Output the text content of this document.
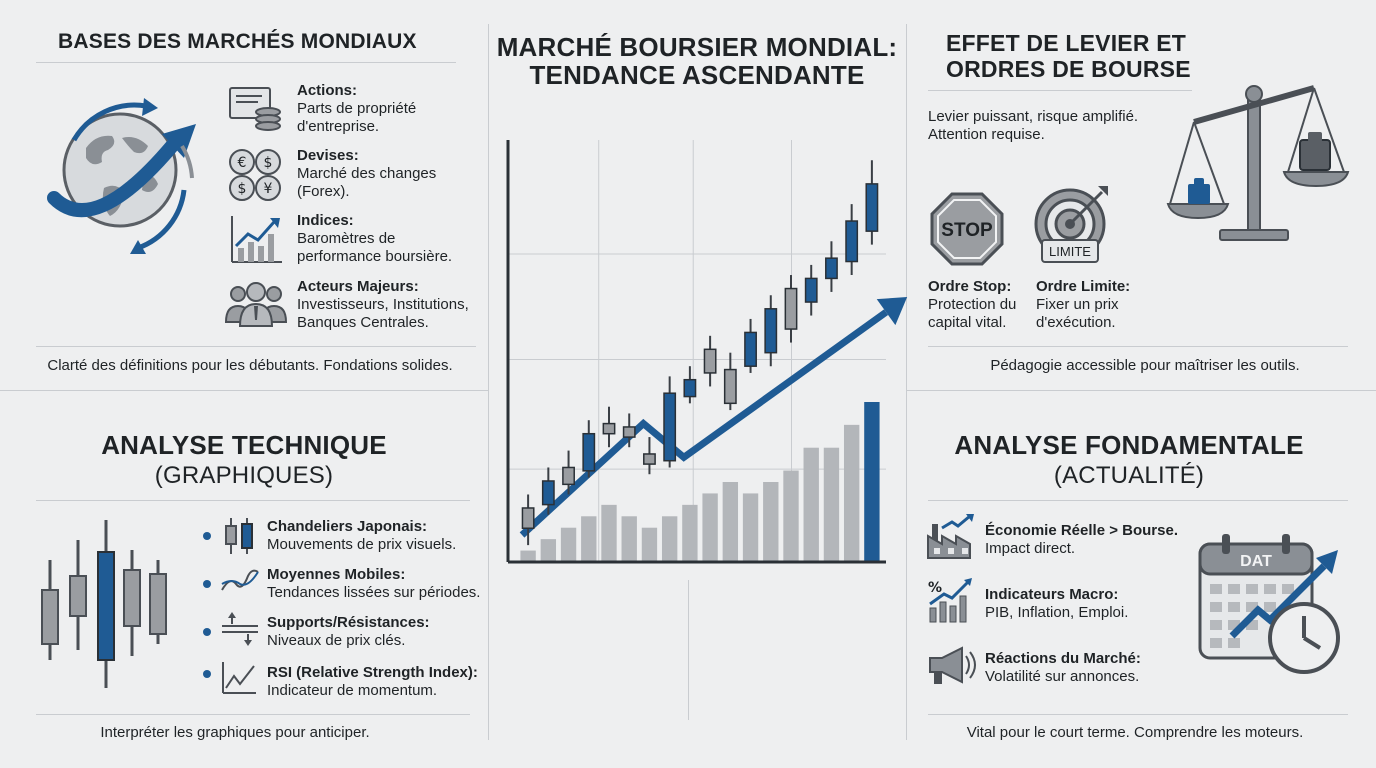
BASES DES MARCHÉS MONDIAUX
Actions:
Parts de propriété
d'entreprise.
€ $
$ ¥
Devises:
Marché des changes
(Forex).
Indices:
Baromètres de
performance boursière.
Acteurs Majeurs:
Investisseurs, Institutions,
Banques Centrales.
Clarté des définitions pour les débutants. Fondations solides.
ANALYSE TECHNIQUE
(GRAPHIQUES)
Chandeliers Japonais:
Mouvements de prix visuels.
Moyennes Mobiles:
Tendances lissées sur périodes.
Supports/Résistances:
Niveaux de prix clés.
RSI (Relative Strength Index):
Indicateur de momentum.
Interpréter les graphiques pour anticiper.
MARCHÉ BOURSIER MONDIAL:
TENDANCE ASCENDANTE
EFFET DE LEVIER ET
ORDRES DE BOURSE
Levier puissant, risque amplifié.
Attention requise.
STOP
LIMITE
Ordre Stop:
Protection du
capital vital.
Ordre Limite:
Fixer un prix
d'exécution.
Pédagogie accessible pour maîtriser les outils.
ANALYSE FONDAMENTALE
(ACTUALITÉ)
Économie Réelle > Bourse.
Impact direct.
%	Indicateurs Macro:
PIB, Inflation, Emploi.
Réactions du Marché:
Volatilité sur annonces.
DAT
Vital pour le court terme. Comprendre les moteurs.
